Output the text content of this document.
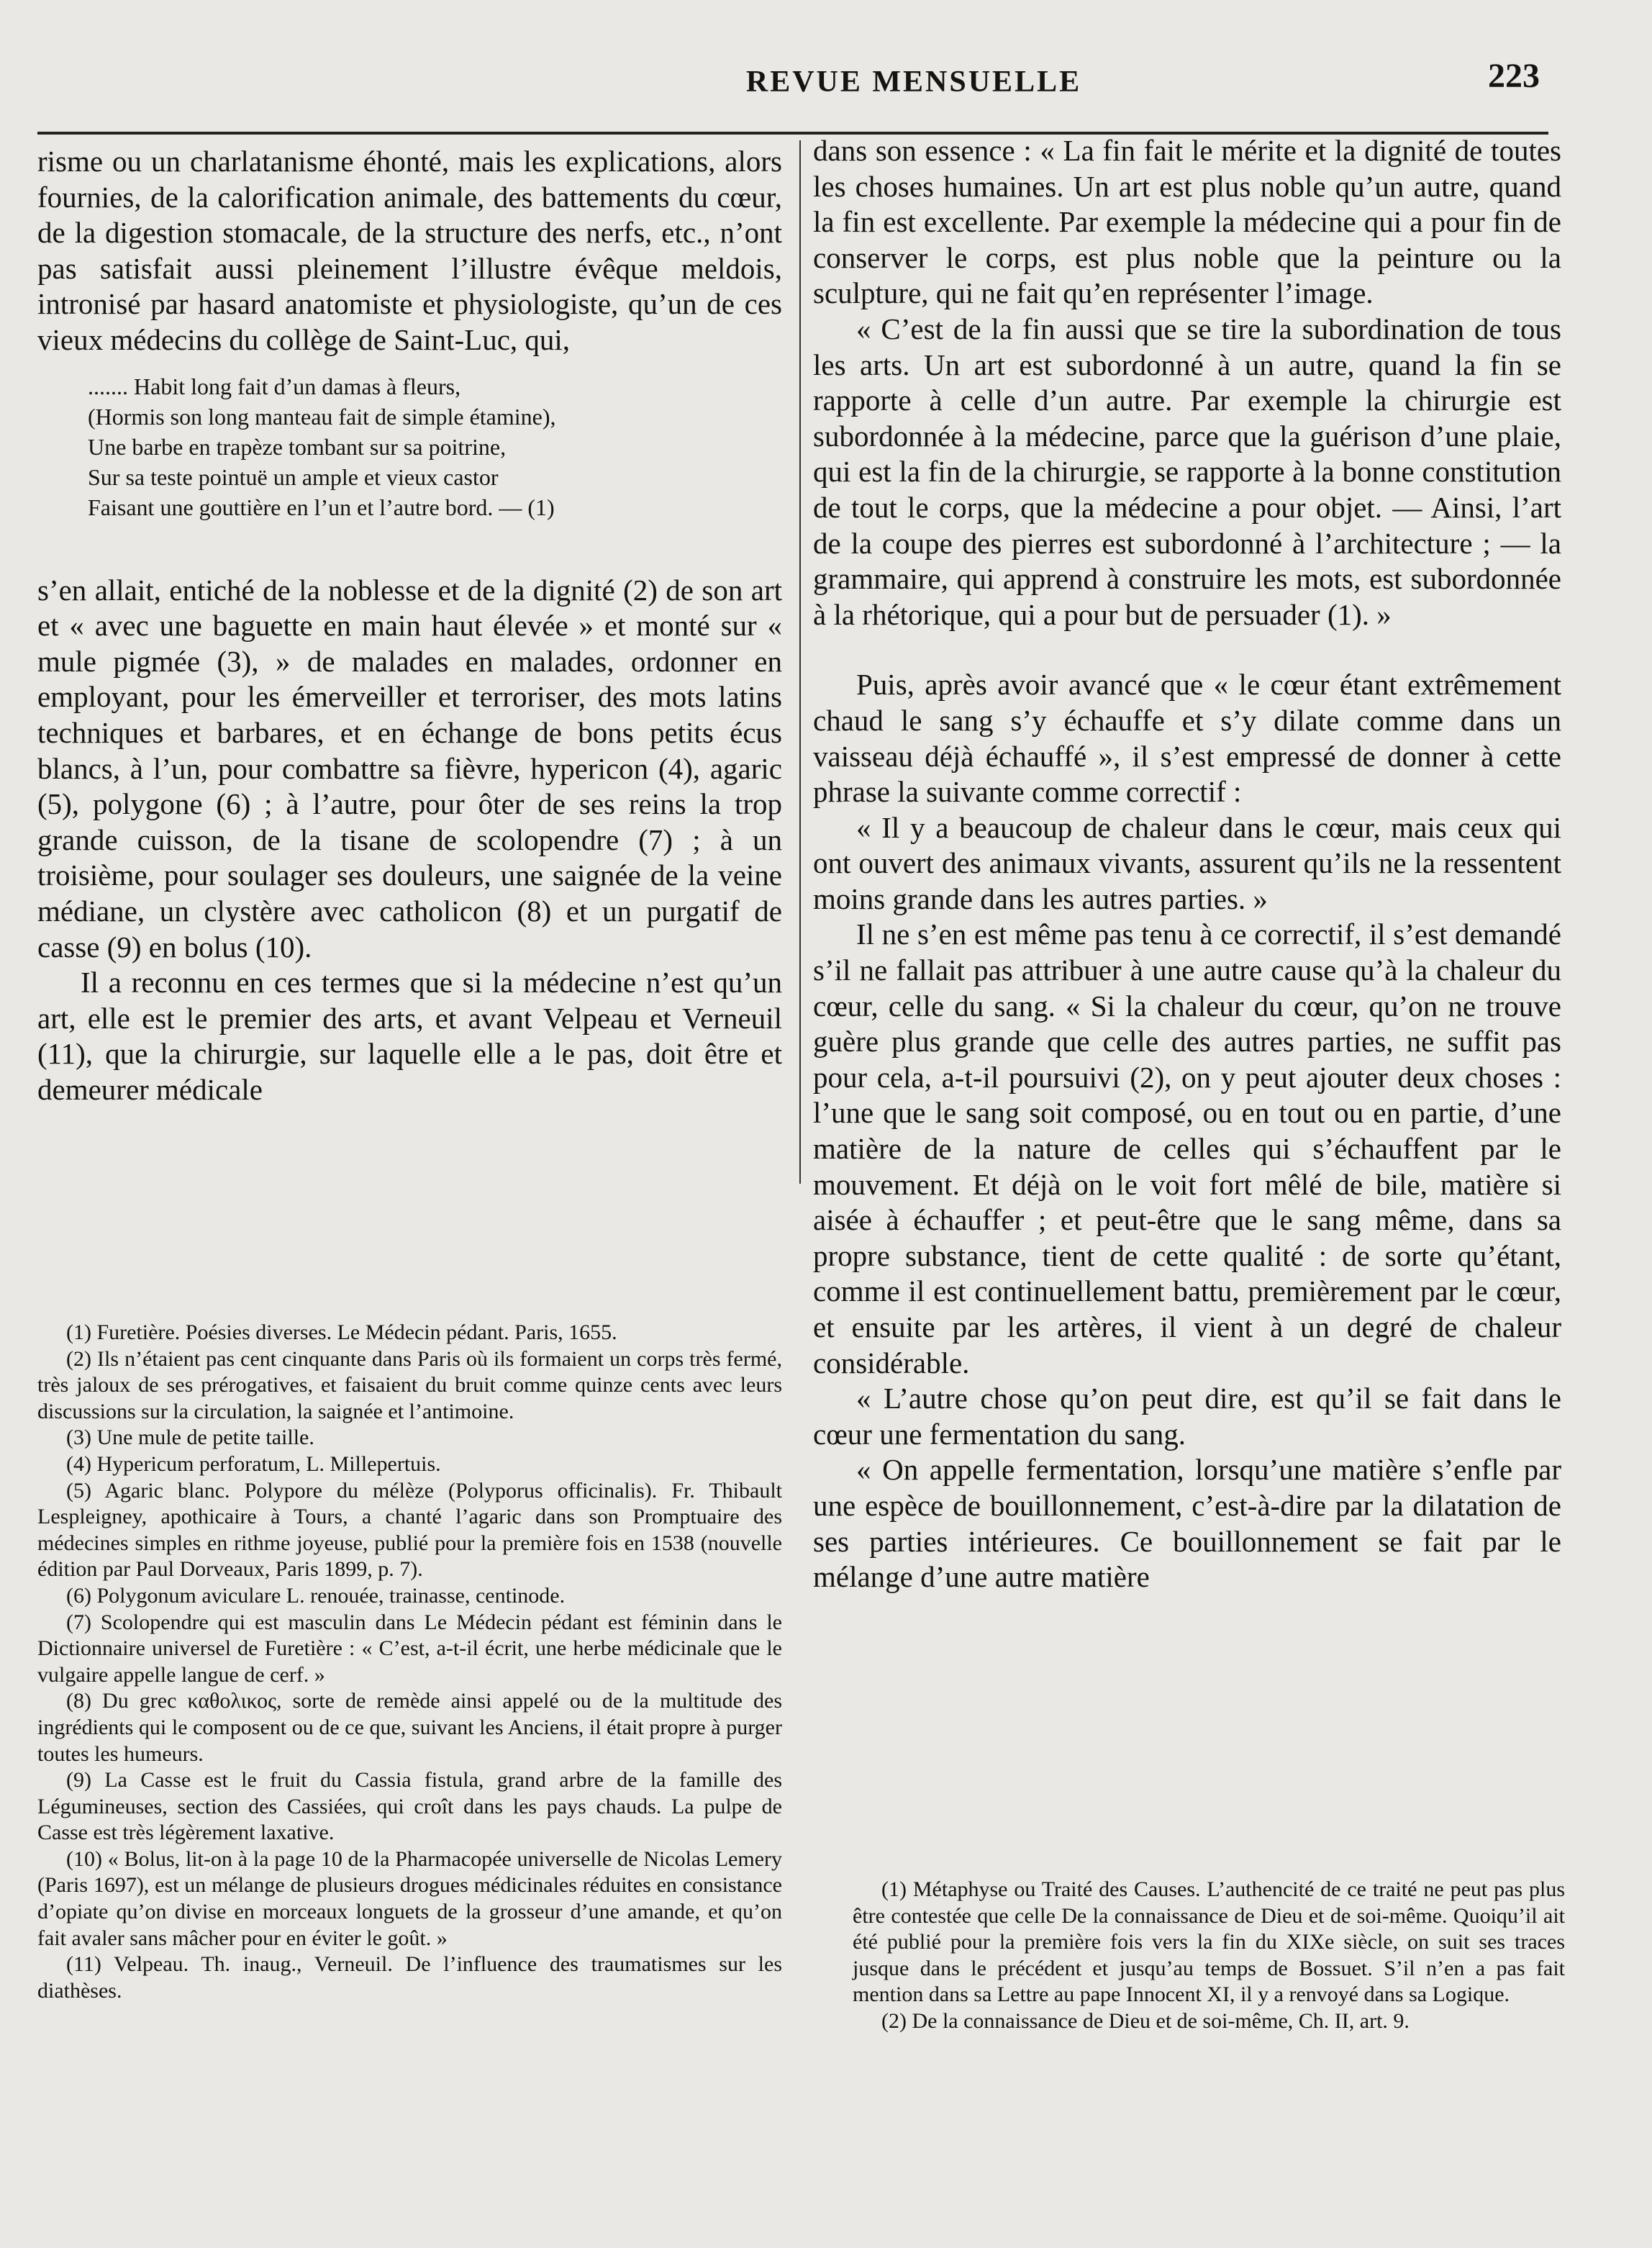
REVUE MENSUELLE	223

risme ou un charlatanisme éhonté, mais les explications, alors fournies, de la calorification animale, des battements du cœur, de la digestion stomacale, de la structure des nerfs, etc., n’ont pas satisfait aussi pleinement l’illustre évêque meldois, intronisé par hasard anatomiste et physiologiste, qu’un de ces vieux médecins du collège de Saint-Luc, qui,

....... Habit long fait d’un damas à fleurs,
(Hormis son long manteau fait de simple étamine),
Une barbe en trapèze tombant sur sa poitrine,
Sur sa teste pointuë un ample et vieux castor
Faisant une gouttière en l’un et l’autre bord. — (1)

s’en allait, entiché de la noblesse et de la dignité (2) de son art et « avec une baguette en main haut élevée » et monté sur « mule pigmée (3), » de malades en malades, ordonner en employant, pour les émerveiller et terroriser, des mots latins techniques et barbares, et en échange de bons petits écus blancs, à l’un, pour combattre sa fièvre, hypericon (4), agaric (5), polygone (6) ; à l’autre, pour ôter de ses reins la trop grande cuisson, de la tisane de scolopendre (7) ; à un troisième, pour soulager ses douleurs, une saignée de la veine médiane, un clystère avec catholicon (8) et un purgatif de casse (9) en bolus (10).

Il a reconnu en ces termes que si la médecine n’est qu’un art, elle est le premier des arts, et avant Velpeau et Verneuil (11), que la chirurgie, sur laquelle elle a le pas, doit être et demeurer médicale

(1) Furetière. Poésies diverses. Le Médecin pédant. Paris, 1655.

(2) Ils n’étaient pas cent cinquante dans Paris où ils formaient un corps très fermé, très jaloux de ses prérogatives, et faisaient du bruit comme quinze cents avec leurs discussions sur la circulation, la saignée et l’antimoine.

(3) Une mule de petite taille.

(4) Hypericum perforatum, L. Millepertuis.

(5) Agaric blanc. Polypore du mélèze (Polyporus officinalis). Fr. Thibault Lespleigney, apothicaire à Tours, a chanté l’agaric dans son Promptuaire des médecines simples en rithme joyeuse, publié pour la première fois en 1538 (nouvelle édition par Paul Dorveaux, Paris 1899, p. 7).

(6) Polygonum aviculare L. renouée, trainasse, centinode.

(7) Scolopendre qui est masculin dans Le Médecin pédant est féminin dans le Dictionnaire universel de Furetière : « C’est, a-t-il écrit, une herbe médicinale que le vulgaire appelle langue de cerf. »

(8) Du grec καθολικος, sorte de remède ainsi appelé ou de la multitude des ingrédients qui le composent ou de ce que, suivant les Anciens, il était propre à purger toutes les humeurs.

(9) La Casse est le fruit du Cassia fistula, grand arbre de la famille des Légumineuses, section des Cassiées, qui croît dans les pays chauds. La pulpe de Casse est très légèrement laxative.

(10) « Bolus, lit-on à la page 10 de la Pharmacopée universelle de Nicolas Lemery (Paris 1697), est un mélange de plusieurs drogues médicinales réduites en consistance d’opiate qu’on divise en morceaux longuets de la grosseur d’une amande, et qu’on fait avaler sans mâcher pour en éviter le goût. »

(11) Velpeau. Th. inaug., Verneuil. De l’influence des traumatismes sur les diathèses.

dans son essence : « La fin fait le mérite et la dignité de toutes les choses humaines. Un art est plus noble qu’un autre, quand la fin est excellente. Par exemple la médecine qui a pour fin de conserver le corps, est plus noble que la peinture ou la sculpture, qui ne fait qu’en représenter l’image.

« C’est de la fin aussi que se tire la subordination de tous les arts. Un art est subordonné à un autre, quand la fin se rapporte à celle d’un autre. Par exemple la chirurgie est subordonnée à la médecine, parce que la guérison d’une plaie, qui est la fin de la chirurgie, se rapporte à la bonne constitution de tout le corps, que la médecine a pour objet. — Ainsi, l’art de la coupe des pierres est subordonné à l’architecture ; — la grammaire, qui apprend à construire les mots, est subordonnée à la rhétorique, qui a pour but de persuader (1). »

Puis, après avoir avancé que « le cœur étant extrêmement chaud le sang s’y échauffe et s’y dilate comme dans un vaisseau déjà échauffé », il s’est empressé de donner à cette phrase la suivante comme correctif :

« Il y a beaucoup de chaleur dans le cœur, mais ceux qui ont ouvert des animaux vivants, assurent qu’ils ne la ressentent moins grande dans les autres parties. »

Il ne s’en est même pas tenu à ce correctif, il s’est demandé s’il ne fallait pas attribuer à une autre cause qu’à la chaleur du cœur, celle du sang. « Si la chaleur du cœur, qu’on ne trouve guère plus grande que celle des autres parties, ne suffit pas pour cela, a-t-il poursuivi (2), on y peut ajouter deux choses : l’une que le sang soit composé, ou en tout ou en partie, d’une matière de la nature de celles qui s’échauffent par le mouvement. Et déjà on le voit fort mêlé de bile, matière si aisée à échauffer ; et peut-être que le sang même, dans sa propre substance, tient de cette qualité : de sorte qu’étant, comme il est continuellement battu, premièrement par le cœur, et ensuite par les artères, il vient à un degré de chaleur considérable.

« L’autre chose qu’on peut dire, est qu’il se fait dans le cœur une fermentation du sang.

« On appelle fermentation, lorsqu’une matière s’enfle par une espèce de bouillonnement, c’est-à-dire par la dilatation de ses parties intérieures. Ce bouillonnement se fait par le mélange d’une autre matière

(1) Métaphyse ou Traité des Causes. L’authencité de ce traité ne peut pas plus être contestée que celle De la connaissance de Dieu et de soi-même. Quoiqu’il ait été publié pour la première fois vers la fin du XIXe siècle, on suit ses traces jusque dans le précédent et jusqu’au temps de Bossuet. S’il n’en a pas fait mention dans sa Lettre au pape Innocent XI, il y a renvoyé dans sa Logique.

(2) De la connaissance de Dieu et de soi-même, Ch. II, art. 9.
